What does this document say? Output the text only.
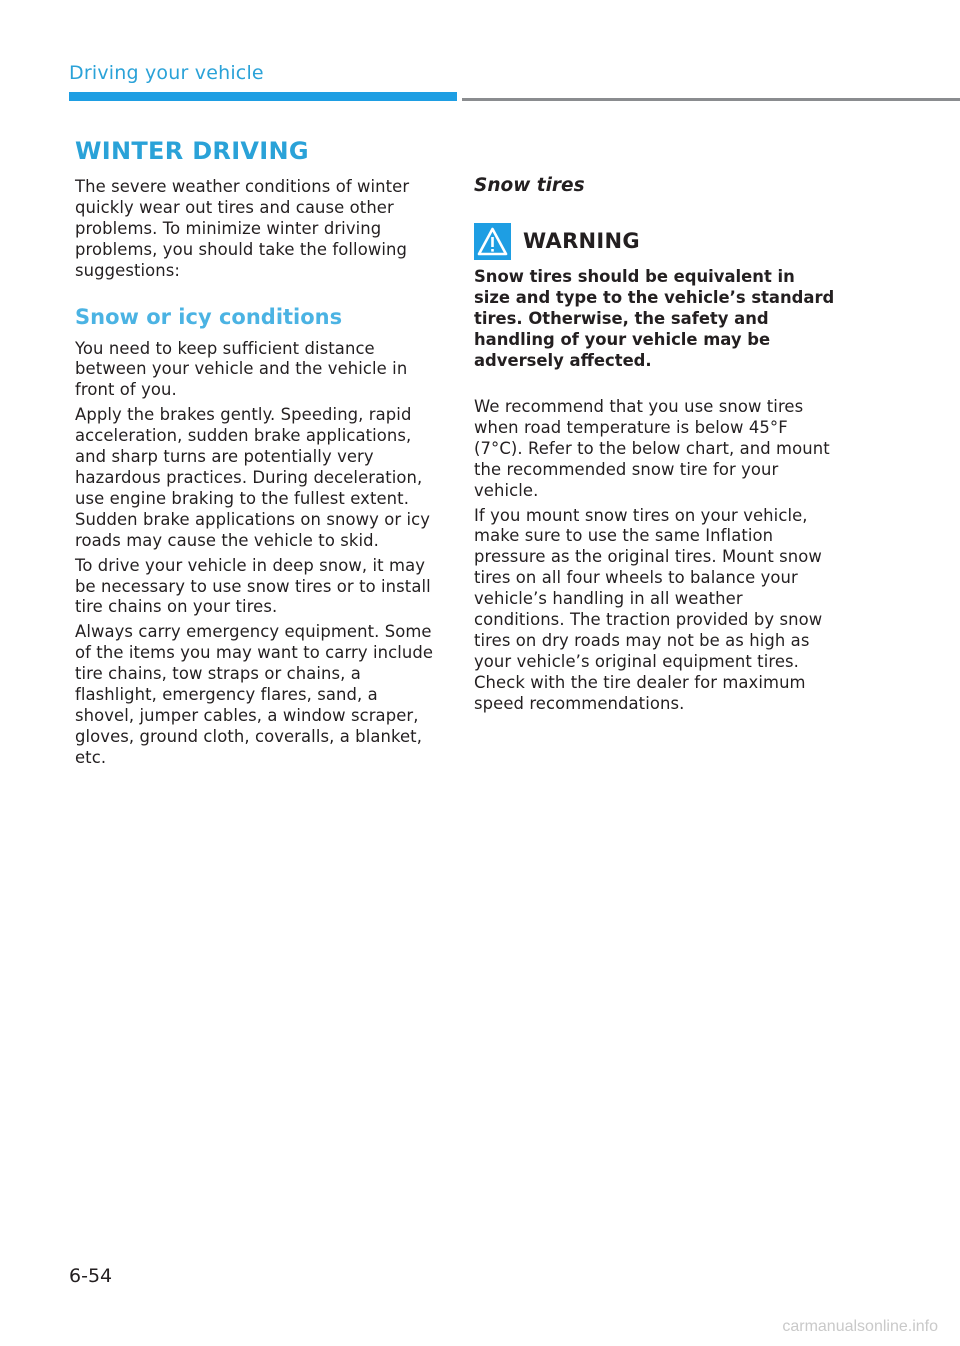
Driving your vehicle
WINTER DRIVING

The severe weather conditions of winter quickly wear out tires and cause other problems. To minimize winter driving problems, you should take the following suggestions:

Snow or icy conditions

You need to keep sufficient distance between your vehicle and the vehicle in front of you.

Apply the brakes gently. Speeding, rapid acceleration, sudden brake applications, and sharp turns are potentially very hazardous practices. During deceleration, use engine braking to the fullest extent. Sudden brake applications on snowy or icy roads may cause the vehicle to skid.

To drive your vehicle in deep snow, it may be necessary to use snow tires or to install tire chains on your tires.

Always carry emergency equipment. Some of the items you may want to carry include tire chains, tow straps or chains, a flashlight, emergency flares, sand, a shovel, jumper cables, a window scraper, gloves, ground cloth, coveralls, a blanket, etc.

Snow tires
WARNING

Snow tires should be equivalent in size and type to the vehicle’s standard tires. Otherwise, the safety and handling of your vehicle may be adversely affected.

We recommend that you use snow tires when road temperature is below 45°F (7°C). Refer to the below chart, and mount the recommended snow tire for your vehicle.

If you mount snow tires on your vehicle, make sure to use the same Inflation pressure as the original tires. Mount snow tires on all four wheels to balance your vehicle’s handling in all weather conditions. The traction provided by snow tires on dry roads may not be as high as your vehicle’s original equipment tires. Check with the tire dealer for maximum speed recommendations.

6-54
carmanualsonline.info
